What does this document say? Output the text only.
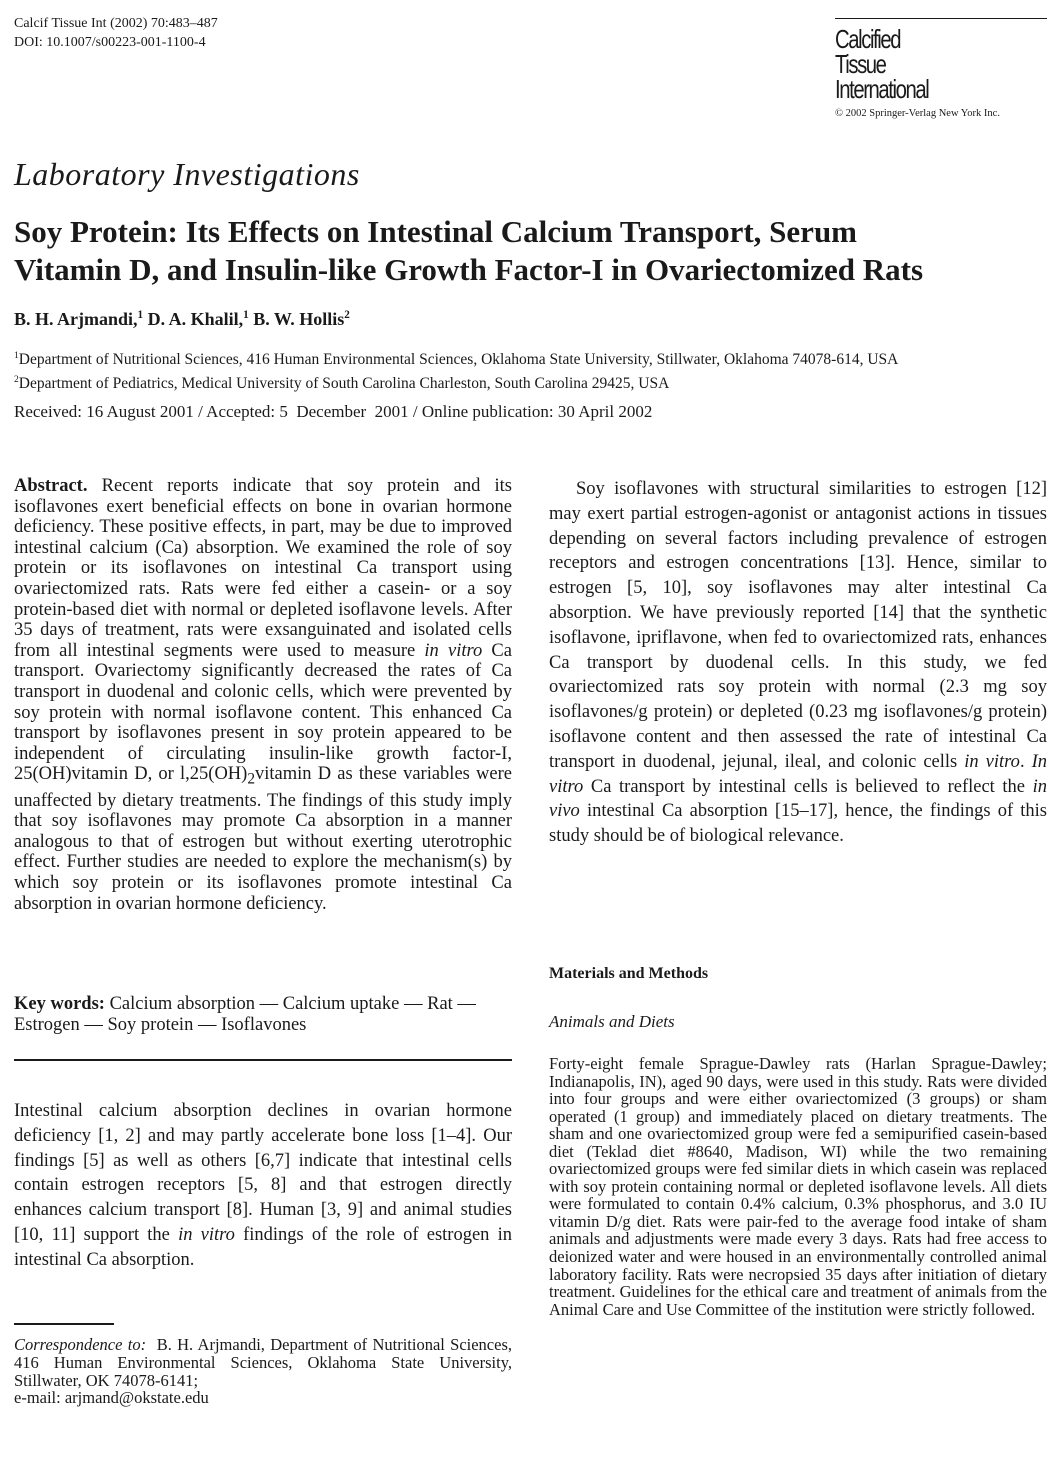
Calcif Tissue Int (2002) 70:483–487
DOI: 10.1007/s00223-001-1100-4	Calcified
Tissue
International
© 2002 Springer-Verlag New York Inc.
Laboratory Investigations
Soy Protein: Its Effects on Intestinal Calcium Transport, Serum
Vitamin D, and Insulin-like Growth Factor-I in Ovariectomized Rats
B. H. Arjmandi,$^1$ D. A. Khalil,$^1$ B. W. Hollis$^2$
$^1$Department of Nutritional Sciences, 416 Human Environmental Sciences, Oklahoma State University, Stillwater, Oklahoma 74078-614, USA
$^2$Department of Pediatrics, Medical University of South Carolina Charleston, South Carolina 29425, USA
Received: 16 August 2001 / Accepted: 5  December  2001 / Online publication: 30 April 2002
Abstract. Recent reports indicate that soy protein and its isoflavones exert beneficial effects on bone in ovarian hormone deficiency. These positive effects, in part, may be due to improved intestinal calcium (Ca) absorption. We examined the role of soy protein or its isoflavones on intestinal Ca transport using ovariectomized rats. Rats were fed either a casein- or a soy protein-based diet with normal or depleted isoflavone levels. After 35 days of treatment, rats were exsanguinated and isolated cells from all intestinal segments were used to measure in vitro Ca transport. Ovariectomy significantly decreased the rates of Ca transport in duodenal and colonic cells, which were prevented by soy protein with normal isoflavone content. This enhanced Ca transport by isoflavones present in soy protein appeared to be independent of circulating insulin-like growth factor-I, 25(OH)vitamin D, or $l,25(OH)_2vitamin$ D as these variables were unaffected by dietary treatments. The findings of this study imply that soy isoflavones may promote Ca absorption in a manner analogous to that of estrogen but without exerting uterotrophic effect. Further studies are needed to explore the mechanism(s) by which soy protein or its isoflavones promote intestinal Ca absorption in ovarian hormone deficiency.
Key words: Calcium absorption — Calcium uptake — Rat — Estrogen — Soy protein — Isoflavones
Intestinal calcium absorption declines in ovarian hormone deficiency [1, 2] and may partly accelerate bone loss [1–4]. Our findings [5] as well as others [6,7] indicate that intestinal cells contain estrogen receptors [5, 8] and that estrogen directly enhances calcium transport [8]. Human [3, 9] and animal studies [10, 11] support the in vitro findings of the role of estrogen in intestinal Ca absorption.
Correspondence to:  B. H. Arjmandi, Department of Nutritional Sciences, 416 Human Environmental Sciences, Oklahoma State University, Stillwater, OK 74078-6141;
e-mail: arjmand@okstate.edu
Soy isoflavones with structural similarities to estrogen [12] may exert partial estrogen-agonist or antagonist actions in tissues depending on several factors including prevalence of estrogen receptors and estrogen concentrations [13]. Hence, similar to estrogen [5, 10], soy isoflavones may alter intestinal Ca absorption. We have previously reported [14] that the synthetic isoflavone, ipriflavone, when fed to ovariectomized rats, enhances Ca transport by duodenal cells. In this study, we fed ovariectomized rats soy protein with normal (2.3 mg soy isoflavones/g protein) or depleted (0.23 mg isoflavones/g protein) isoflavone content and then assessed the rate of intestinal Ca transport in duodenal, jejunal, ileal, and colonic cells in vitro. In vitro Ca transport by intestinal cells is believed to reflect the in vivo intestinal Ca absorption [15–17], hence, the findings of this study should be of biological relevance.
Materials and Methods
Animals and Diets
Forty-eight female Sprague-Dawley rats (Harlan Sprague-Dawley; Indianapolis, IN), aged 90 days, were used in this study. Rats were divided into four groups and were either ovariectomized (3 groups) or sham operated (1 group) and immediately placed on dietary treatments. The sham and one ovariectomized group were fed a semipurified casein-based diet (Teklad diet #8640, Madison, WI) while the two remaining ovariectomized groups were fed similar diets in which casein was replaced with soy protein containing normal or depleted isoflavone levels. All diets were formulated to contain 0.4% calcium, 0.3% phosphorus, and 3.0 IU vitamin D/g diet. Rats were pair-fed to the average food intake of sham animals and adjustments were made every 3 days. Rats had free access to deionized water and were housed in an environmentally controlled animal laboratory facility. Rats were necropsied 35 days after initiation of dietary treatment. Guidelines for the ethical care and treatment of animals from the Animal Care and Use Committee of the institution were strictly followed.
